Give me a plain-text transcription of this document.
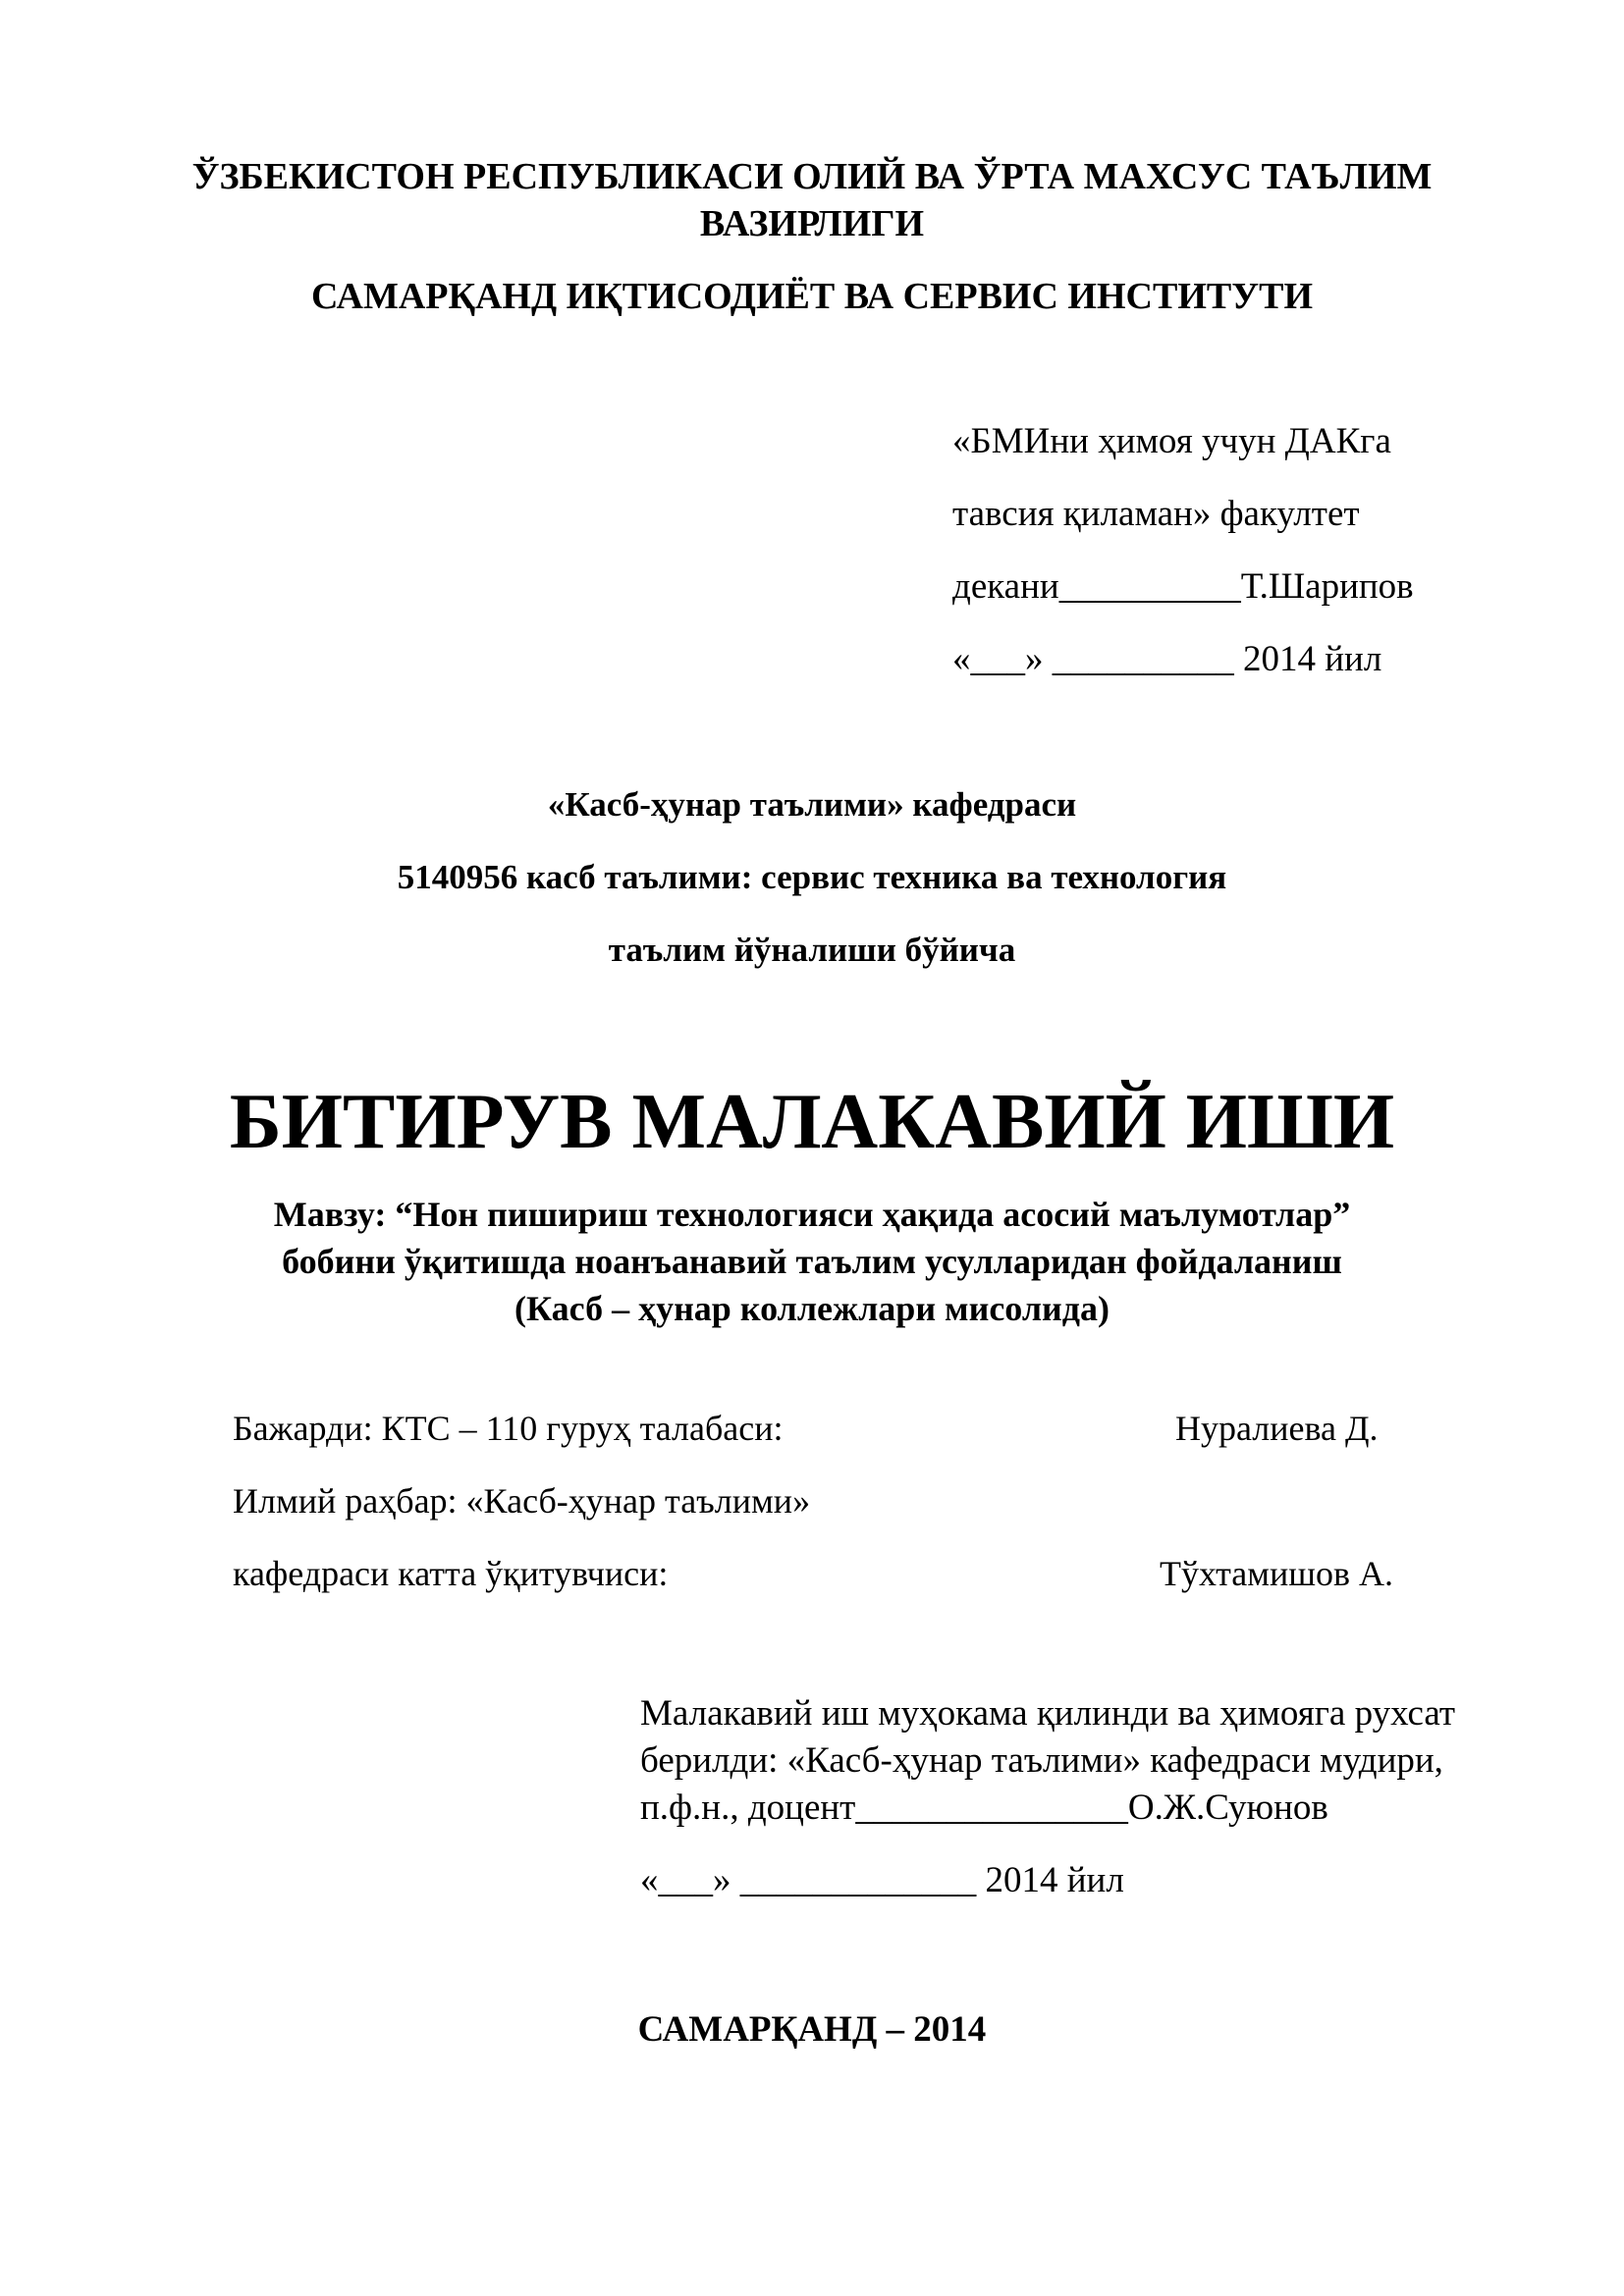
ЎЗБЕКИСТОН РЕСПУБЛИКАСИ ОЛИЙ ВА ЎРТА МАХСУС ТАЪЛИМ
ВАЗИРЛИГИ
САМАРҚАНД ИҚТИСОДИЁТ ВА СЕРВИС ИНСТИТУТИ
«БМИни ҳимоя учун ДАКга
тавсия қиламан» факултет
декани__________Т.Шарипов
«___» __________ 2014 йил
«Касб-ҳунар таълими» кафедраси
5140956 касб таълими: сервис техника ва технология
таълим йўналиши бўйича
БИТИРУВ МАЛАКАВИЙ ИШИ
Мавзу: “Нон пишириш технологияси ҳақида асосий маълумотлар”
бобини ўқитишда ноанъанавий таълим усулларидан фойдаланиш
(Касб – ҳунар коллежлари мисолида)
Бажарди: КТС – 110 гуруҳ талабаси:	Нуралиева Д.
Илмий раҳбар: «Касб-ҳунар таълими»
кафедраси катта ўқитувчиси:	Тўхтамишов А.
Малакавий иш муҳокама қилинди ва ҳимояга рухсат
берилди: «Касб-ҳунар таълими» кафедраси мудири,
п.ф.н., доцент_______________О.Ж.Суюнов
«___» _____________ 2014 йил
САМАРҚАНД – 2014
